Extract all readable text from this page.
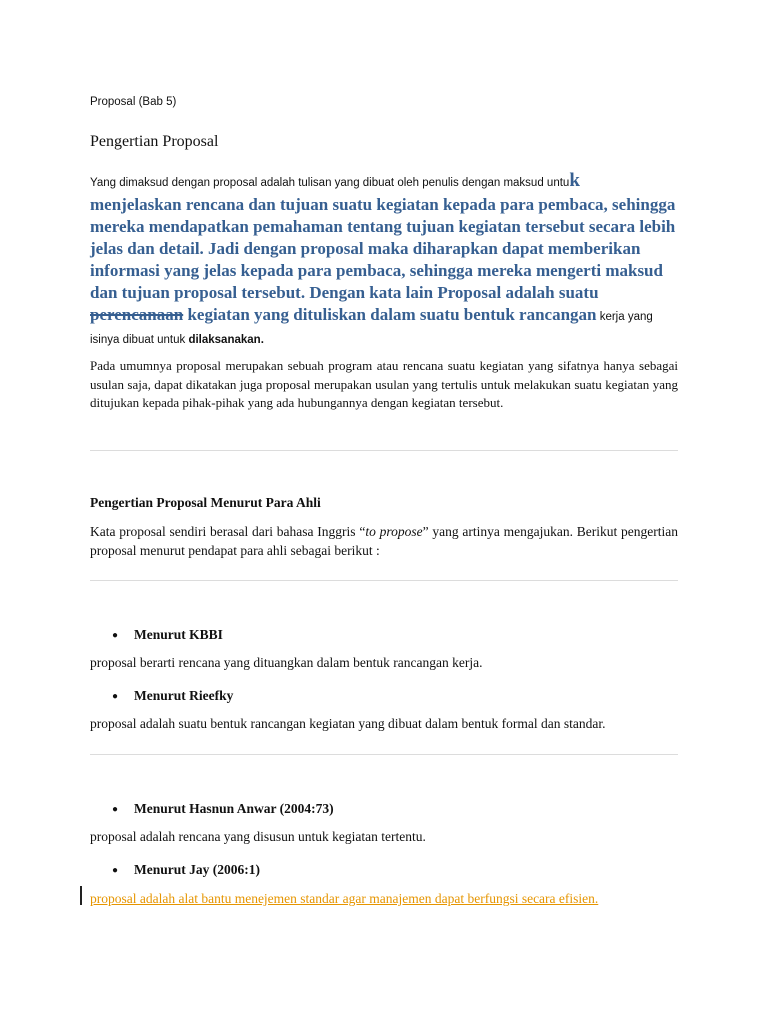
Proposal (Bab 5)
Pengertian Proposal
Yang dimaksud dengan proposal adalah tulisan yang dibuat oleh penulis dengan maksud untuk
menjelaskan rencana dan tujuan suatu kegiatan kepada para pembaca, sehingga mereka mendapatkan pemahaman tentang tujuan kegiatan tersebut secara lebih jelas dan detail. Jadi dengan proposal maka diharapkan dapat memberikan informasi yang jelas kepada para pembaca, sehingga mereka mengerti maksud dan tujuan proposal tersebut. Dengan kata lain Proposal adalah suatu perencanaan kegiatan yang dituliskan dalam suatu bentuk rancangan kerja yang isinya dibuat untuk dilaksanakan.
Pada umumnya proposal merupakan sebuah program atau rencana suatu kegiatan yang sifatnya hanya sebagai usulan saja, dapat dikatakan juga proposal merupakan usulan yang tertulis untuk melakukan suatu kegiatan yang ditujukan kepada pihak-pihak yang ada hubungannya dengan kegiatan tersebut.
Pengertian Proposal Menurut Para Ahli
Kata proposal sendiri berasal dari bahasa Inggris “to propose” yang artinya mengajukan. Berikut pengertian proposal menurut pendapat para ahli sebagai berikut :
● Menurut KBBI
proposal berarti rencana yang dituangkan dalam bentuk rancangan kerja.
● Menurut Rieefky
proposal adalah suatu bentuk rancangan kegiatan yang dibuat dalam bentuk formal dan standar.
● Menurut Hasnun Anwar (2004:73)
proposal adalah rencana yang disusun untuk kegiatan tertentu.
● Menurut Jay (2006:1)
proposal adalah alat bantu menejemen standar agar manajemen dapat berfungsi secara efisien.
